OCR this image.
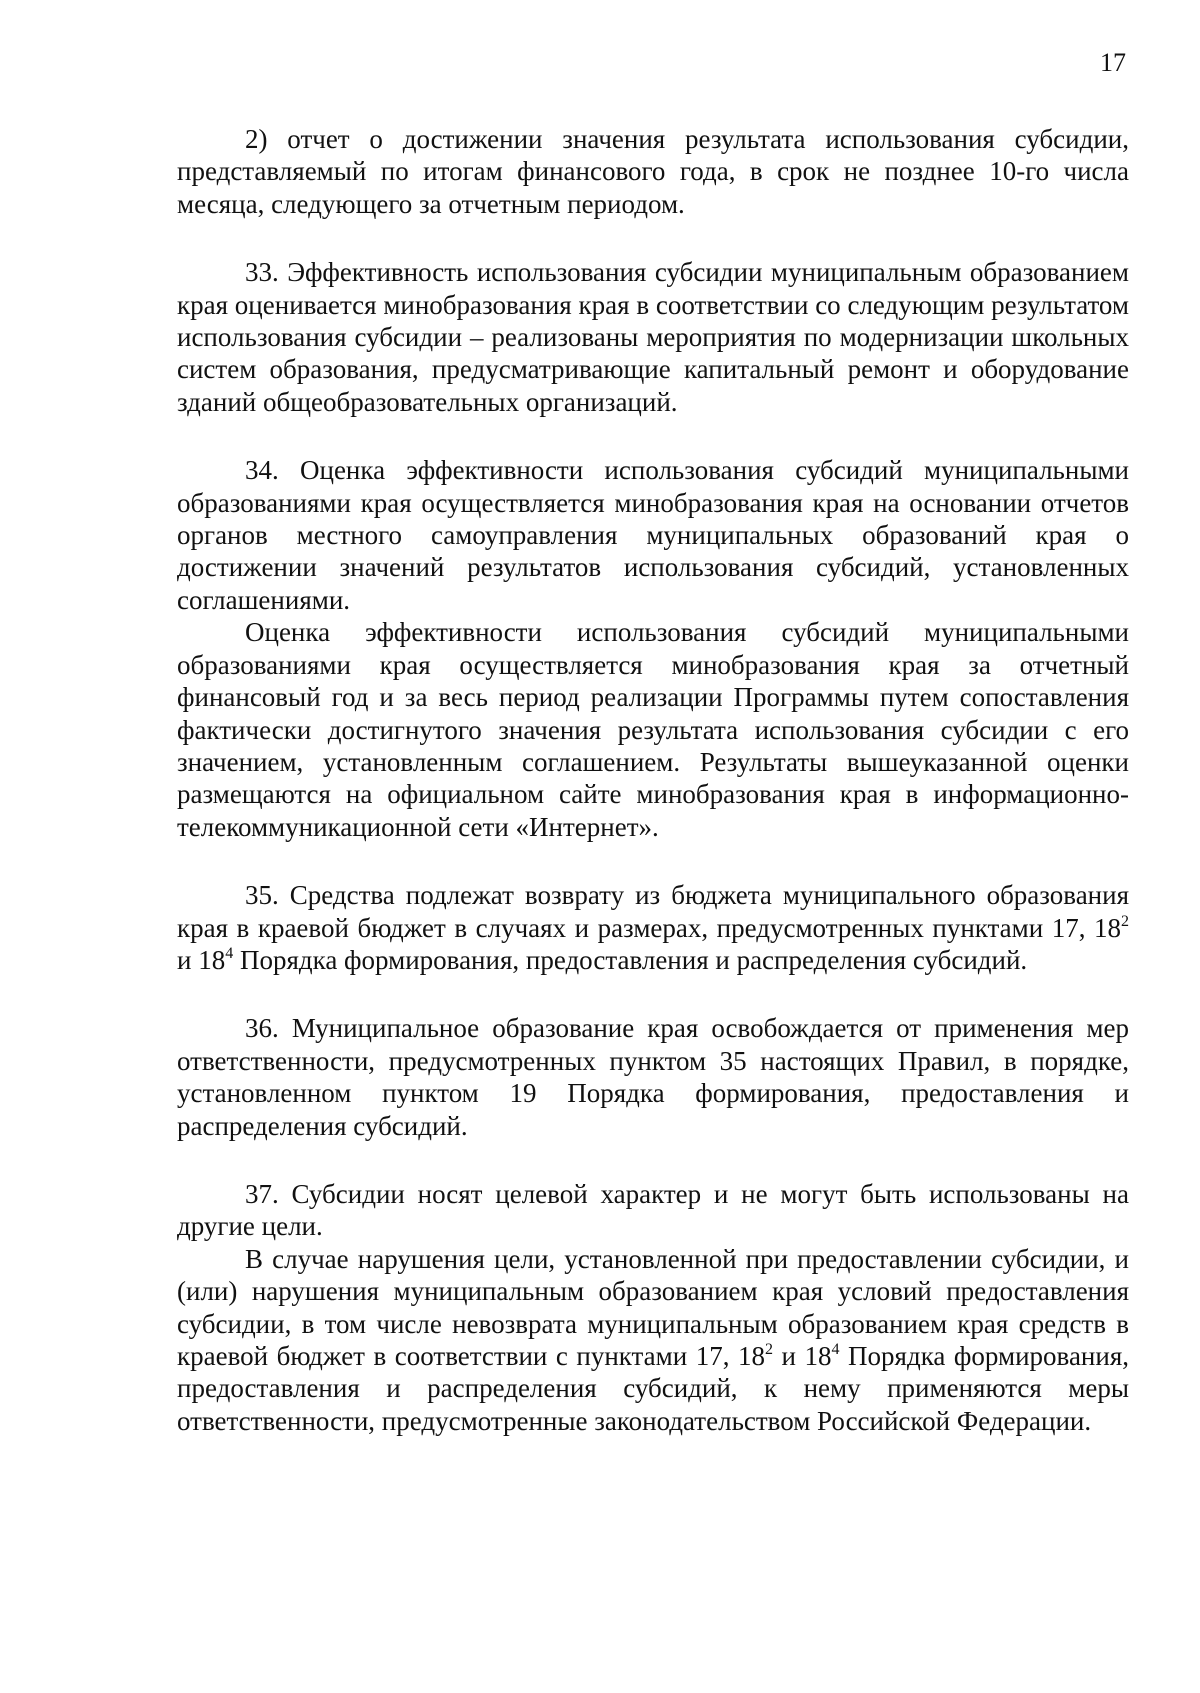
17

2) отчет о достижении значения результата использования субсидии, представляемый по итогам финансового года, в срок не позднее 10-го числа месяца, следующего за отчетным периодом.

33. Эффективность использования субсидии муниципальным образованием края оценивается минобразования края в соответствии со следующим результатом использования субсидии – реализованы мероприятия по модернизации школьных систем образования, предусматривающие капитальный ремонт и оборудование зданий общеобразовательных организаций.

34. Оценка эффективности использования субсидий муниципальными образованиями края осуществляется минобразования края на основании отчетов органов местного самоуправления муниципальных образований края о достижении значений результатов использования субсидий, установленных соглашениями.

Оценка эффективности использования субсидий муниципальными образованиями края осуществляется минобразования края за отчетный финансовый год и за весь период реализации Программы путем сопоставления фактически достигнутого значения результата использования субсидии с его значением, установленным соглашением. Результаты вышеуказанной оценки размещаются на официальном сайте минобразования края в информационно-телекоммуникационной сети «Интернет».

35. Средства подлежат возврату из бюджета муниципального образования края в краевой бюджет в случаях и размерах, предусмотренных пунктами 17, $18^2$ и $18^4$ Порядка формирования, предоставления и распределения субсидий.

36. Муниципальное образование края освобождается от применения мер ответственности, предусмотренных пунктом 35 настоящих Правил, в порядке, установленном пунктом 19 Порядка формирования, предоставления и распределения субсидий.

37. Субсидии носят целевой характер и не могут быть использованы на другие цели.

В случае нарушения цели, установленной при предоставлении субсидии, и (или) нарушения муниципальным образованием края условий предоставления субсидии, в том числе невозврата муниципальным образованием края средств в краевой бюджет в соответствии с пунктами 17, $18^2$ и $18^4$ Порядка формирования, предоставления и распределения субсидий, к нему применяются меры ответственности, предусмотренные законодательством Российской Федерации.
